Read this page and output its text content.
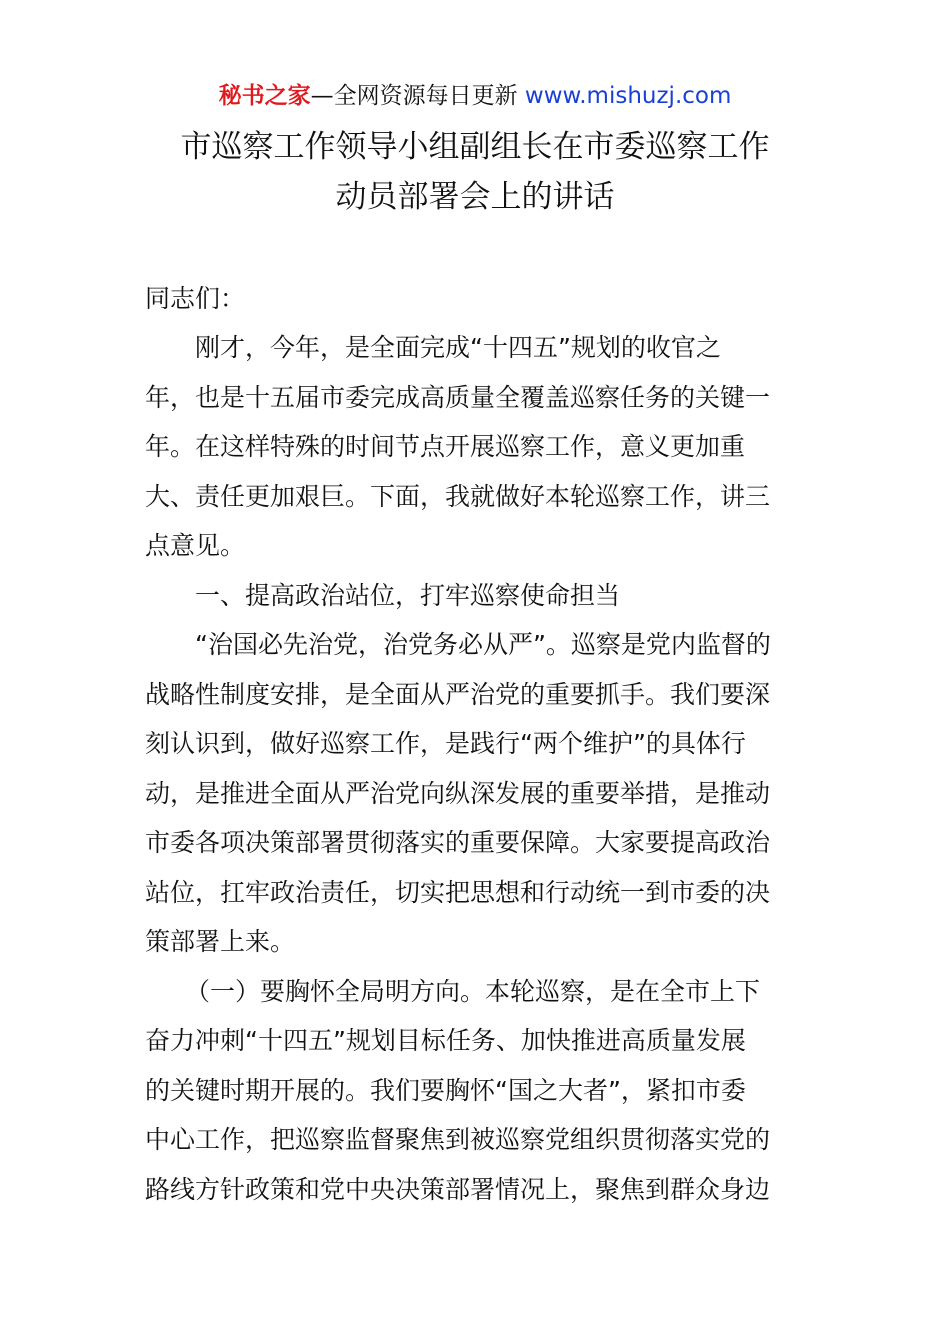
秘书之家—全网资源每日更新 www.mishuzj.com
市巡察工作领导小组副组长在市委巡察工作
动员部署会上的讲话
同志们：
刚才，今年，是全面完成“十四五”规划的收官之
年，也是十五届市委完成高质量全覆盖巡察任务的关键一
年。在这样特殊的时间节点开展巡察工作，意义更加重
大、责任更加艰巨。下面，我就做好本轮巡察工作，讲三
点意见。
一、提高政治站位，打牢巡察使命担当
“治国必先治党，治党务必从严”。巡察是党内监督的
战略性制度安排，是全面从严治党的重要抓手。我们要深
刻认识到，做好巡察工作，是践行“两个维护”的具体行
动，是推进全面从严治党向纵深发展的重要举措，是推动
市委各项决策部署贯彻落实的重要保障。大家要提高政治
站位，扛牢政治责任，切实把思想和行动统一到市委的决
策部署上来。
（一）要胸怀全局明方向。本轮巡察，是在全市上下
奋力冲刺“十四五”规划目标任务、加快推进高质量发展
的关键时期开展的。我们要胸怀“国之大者”，紧扣市委
中心工作，把巡察监督聚焦到被巡察党组织贯彻落实党的
路线方针政策和党中央决策部署情况上，聚焦到群众身边
